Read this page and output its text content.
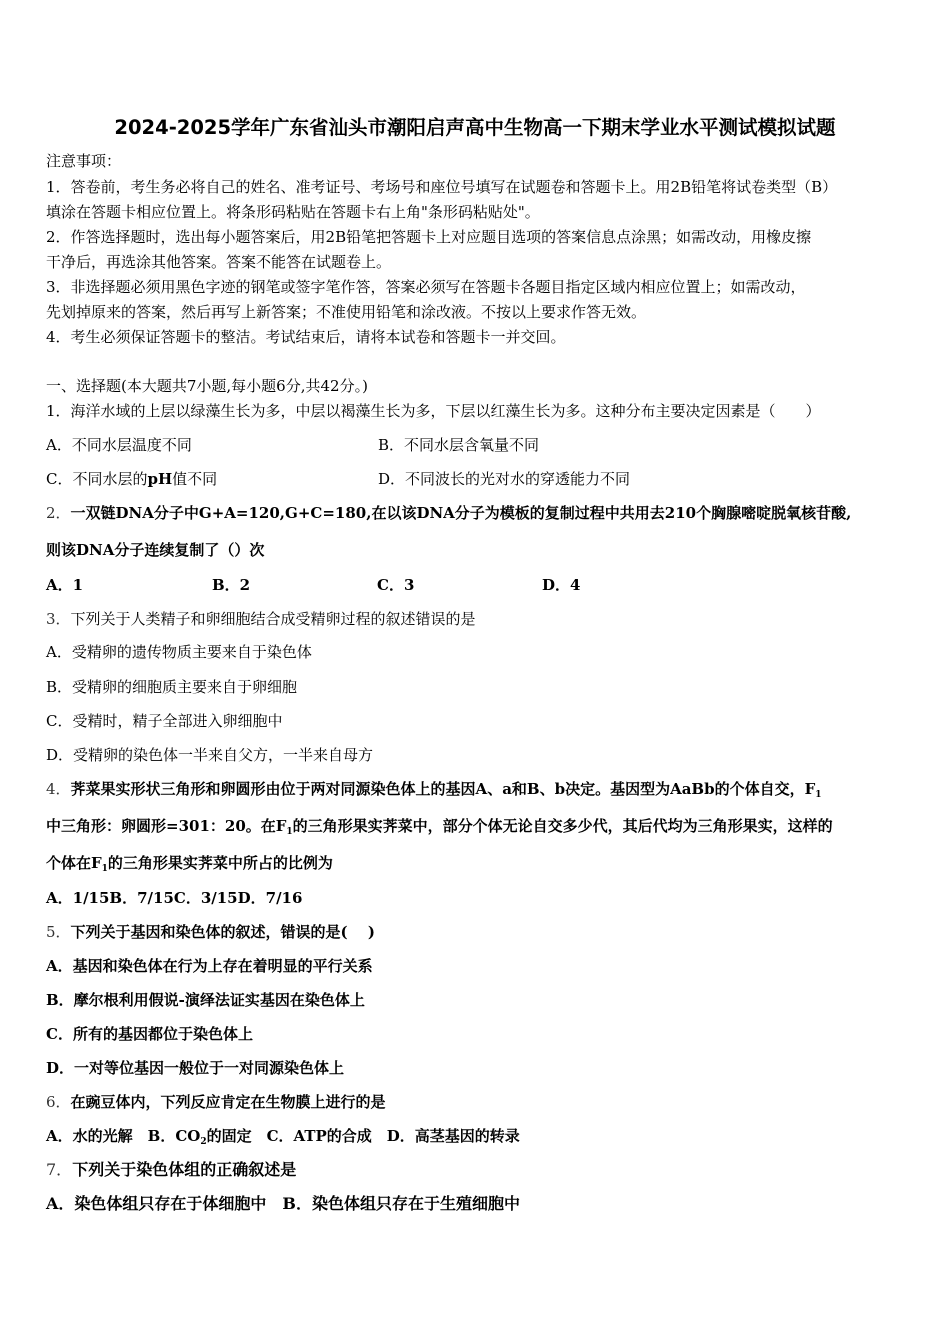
2024-2025学年广东省汕头市潮阳启声高中生物高一下期末学业水平测试模拟试题
注意事项：
1．答卷前，考生务必将自己的姓名、准考证号、考场号和座位号填写在试题卷和答题卡上。用2B铅笔将试卷类型（B）
填涂在答题卡相应位置上。将条形码粘贴在答题卡右上角"条形码粘贴处"。
2．作答选择题时，选出每小题答案后，用2B铅笔把答题卡上对应题目选项的答案信息点涂黑；如需改动，用橡皮擦
干净后，再选涂其他答案。答案不能答在试题卷上。
3．非选择题必须用黑色字迹的钢笔或签字笔作答，答案必须写在答题卡各题目指定区域内相应位置上；如需改动，
先划掉原来的答案，然后再写上新答案；不准使用铅笔和涂改液。不按以上要求作答无效。
4．考生必须保证答题卡的整洁。考试结束后，请将本试卷和答题卡一并交回。
一、选择题(本大题共7小题,每小题6分,共42分。)
1．海洋水域的上层以绿藻生长为多，中层以褐藻生长为多，下层以红藻生长为多。这种分布主要决定因素是（　　）
A．不同水层温度不同	B．不同水层含氧量不同
C．不同水层的pH值不同	D．不同波长的光对水的穿透能力不同
2．一双链DNA分子中G+A=120,G+C=180,在以该DNA分子为模板的复制过程中共用去210个胸腺嘧啶脱氧核苷酸,
则该DNA分子连续复制了（）次
A．1	B．2	C．3	D．4
3．下列关于人类精子和卵细胞结合成受精卵过程的叙述错误的是
A．受精卵的遗传物质主要来自于染色体
B．受精卵的细胞质主要来自于卵细胞
C．受精时，精子全部进入卵细胞中
D．受精卵的染色体一半来自父方，一半来自母方
4．荠菜果实形状三角形和卵圆形由位于两对同源染色体上的基因A、a和B、b决定。基因型为AaBb的个体自交，$F_1$
中三角形：卵圆形=301：20。在$F_1$的三角形果实荠菜中，部分个体无论自交多少代，其后代均为三角形果实，这样的
个体在$F_1$的三角形果实荠菜中所占的比例为
A．1/15B．7/15C．3/15D．7/16
5．下列关于基因和染色体的叙述，错误的是(　 )
A．基因和染色体在行为上存在着明显的平行关系
B．摩尔根利用假说-演绎法证实基因在染色体上
C．所有的基因都位于染色体上
D．一对等位基因一般位于一对同源染色体上
6．在豌豆体内，下列反应肯定在生物膜上进行的是
A．水的光解　B．$CO_2$的固定　C．ATP的合成　D．高茎基因的转录
7．下列关于染色体组的正确叙述是
A．染色体组只存在于体细胞中　B．染色体组只存在于生殖细胞中
